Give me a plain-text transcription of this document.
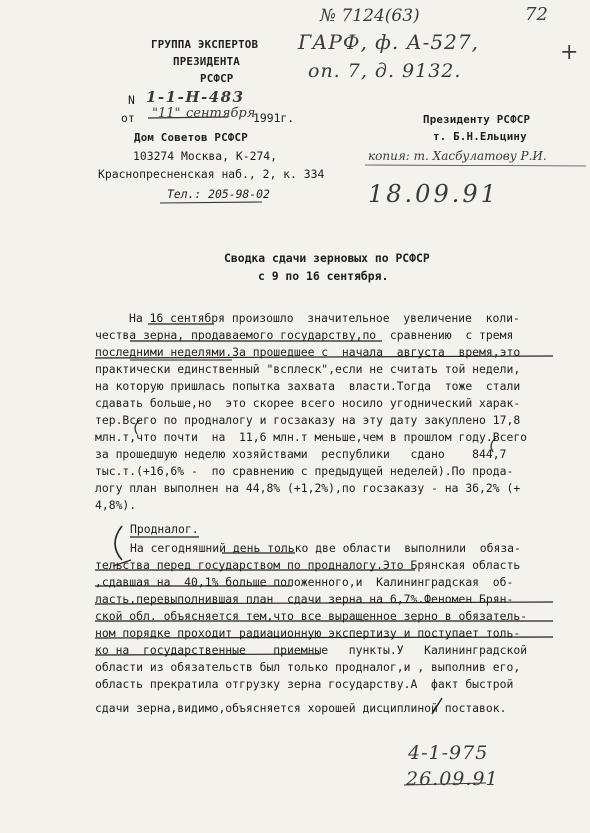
ГРУППА ЭКСПЕРТОВ
ПРЕЗИДЕНТА
РСФСР
N 1-1-Н-483
от "11" сентября
1991г.
Дом Советов РСФСР
103274 Москва, К-274,
Краснопресненская наб., 2, к. 334
Тел.: 205-98-02
№ 7124(63)
ГАРФ, ф. А-527,
оп. 7, д. 9132.
72
+
Президенту РСФСР
т. Б.Н.Ельцину
копия: т. Хасбулатову Р.И.
18.09.91
Сводка сдачи зерновых по РСФСР
с 9 по 16 сентября.
На 16 сентября произошло  значительное  увеличение  коли-
чества зерна, продаваемого государству,по  сравнению  с тремя
последними неделями.За прошедшее с  начала  августа  время,это
практически единственный "всплеск",если не считать той недели,
на которую пришлась попытка захвата  власти.Тогда  тоже  стали
сдавать больше,но  это скорее всего носило угоднический харак-
тер.Всего по продналогу и госзаказу на эту дату закуплено 17,8
млн.т,что почти  на  11,6 млн.т меньше,чем в прошлом году.Всего
за прошедшую неделю хозяйствами  республики   сдано    844,7
тыс.т.(+16,6% -  по сравнению с предыдущей неделей).По прода-
логу план выполнен на 44,8% (+1,2%),по госзаказу - на 36,2% (+
4,8%).
Продналог.
На сегодняшний день только две области  выполнили  обяза-
тельства перед государством по продналогу.Это Брянская область
,сдавшая на  40,1% больше положенного,и  Калининградская  об-
ласть,перевыполнившая план  сдачи зерна на 6,7%.Феномен Брян-
ской обл. объясняется тем,что все выращенное зерно в обязатель-
ном порядке проходит радиационную экспертизу и поступает толь-
ко на  государственные    приемные   пункты.У   Калининградской
области из обязательств был только продналог,и , выполнив его,
область прекратила отгрузку зерна государству.А  факт быстрой
сдачи зерна,видимо,объясняется хорошей дисциплиной поставок.
4-1-975
26.09.91
